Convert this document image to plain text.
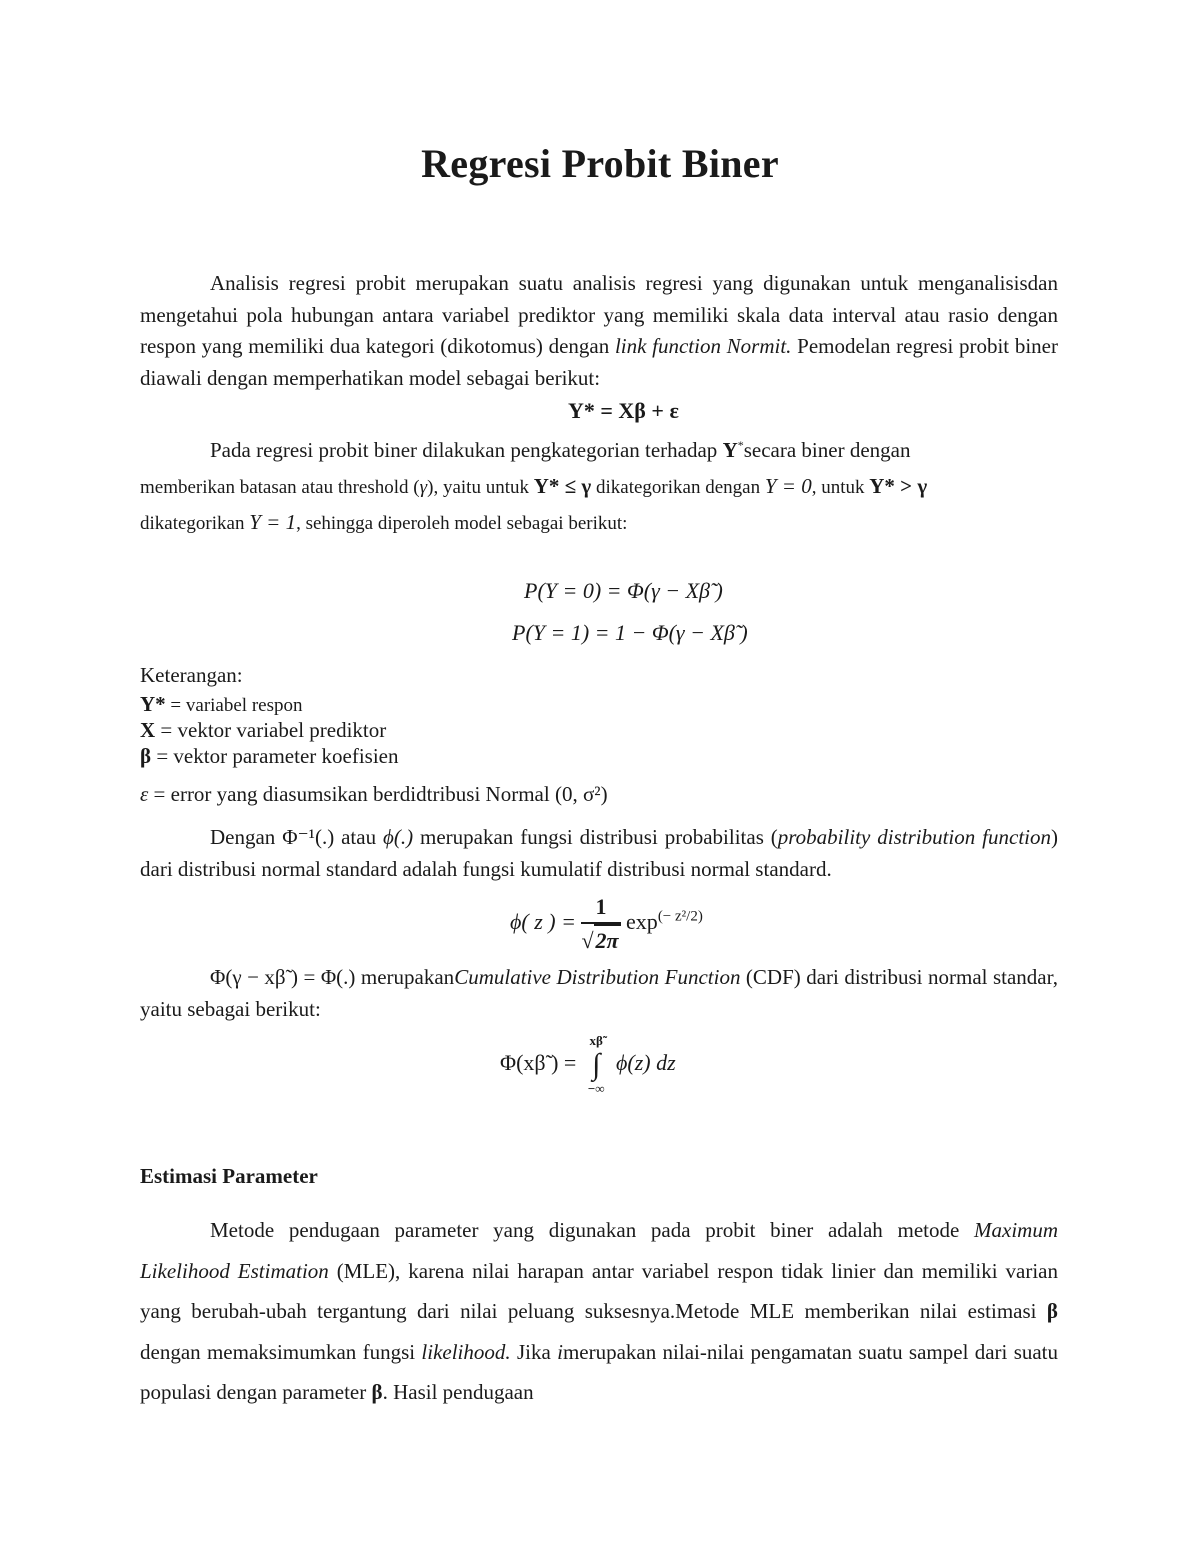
Regresi Probit Biner

Analisis regresi probit merupakan suatu analisis regresi yang digunakan untuk menganalisisdan mengetahui pola hubungan antara variabel prediktor yang memiliki skala data interval atau rasio dengan respon yang memiliki dua kategori (dikotomus) dengan link function Normit. Pemodelan regresi probit biner diawali dengan memperhatikan model sebagai berikut:

Y* = Xβ + ε
Pada regresi probit biner dilakukan pengkategorian terhadap Y*secara biner dengan
memberikan batasan atau threshold (γ), yaitu untuk Y* ≤ γ dikategorikan dengan Y = 0, untuk Y* > γ
dikategorikan Y = 1, sehingga diperoleh model sebagai berikut:
P(Y = 0) = Φ(γ − Xβ̃ )
P(Y = 1) = 1 − Φ(γ − Xβ̃ )
Keterangan:
Y* = variabel respon
X = vektor variabel prediktor
β = vektor parameter koefisien
ε = error yang diasumsikan berdidtribusi Normal (0, σ²)

Dengan Φ⁻¹(.) atau ϕ(.) merupakan fungsi distribusi probabilitas (probability distribution function) dari distribusi normal standard adalah fungsi kumulatif distribusi normal standard.

ϕ( z ) = $\frac{1}{√2\pi} \exp^{(- z^2/2)}$

Φ(γ − xβ̃ ) = Φ(.) merupakanCumulative Distribution Function (CDF) dari distribusi normal standar, yaitu sebagai berikut:

Φ(xβ̃ ) =
xβ̃
∫
−∞
ϕ(z) dz
Estimasi Parameter

Metode pendugaan parameter yang digunakan pada probit biner adalah metode Maximum Likelihood Estimation (MLE), karena nilai harapan antar variabel respon tidak linier dan memiliki varian yang berubah-ubah tergantung dari nilai peluang suksesnya.Metode MLE memberikan nilai estimasi β dengan memaksimumkan fungsi likelihood. Jika imerupakan nilai-nilai pengamatan suatu sampel dari suatu populasi dengan parameter β. Hasil pendugaan
